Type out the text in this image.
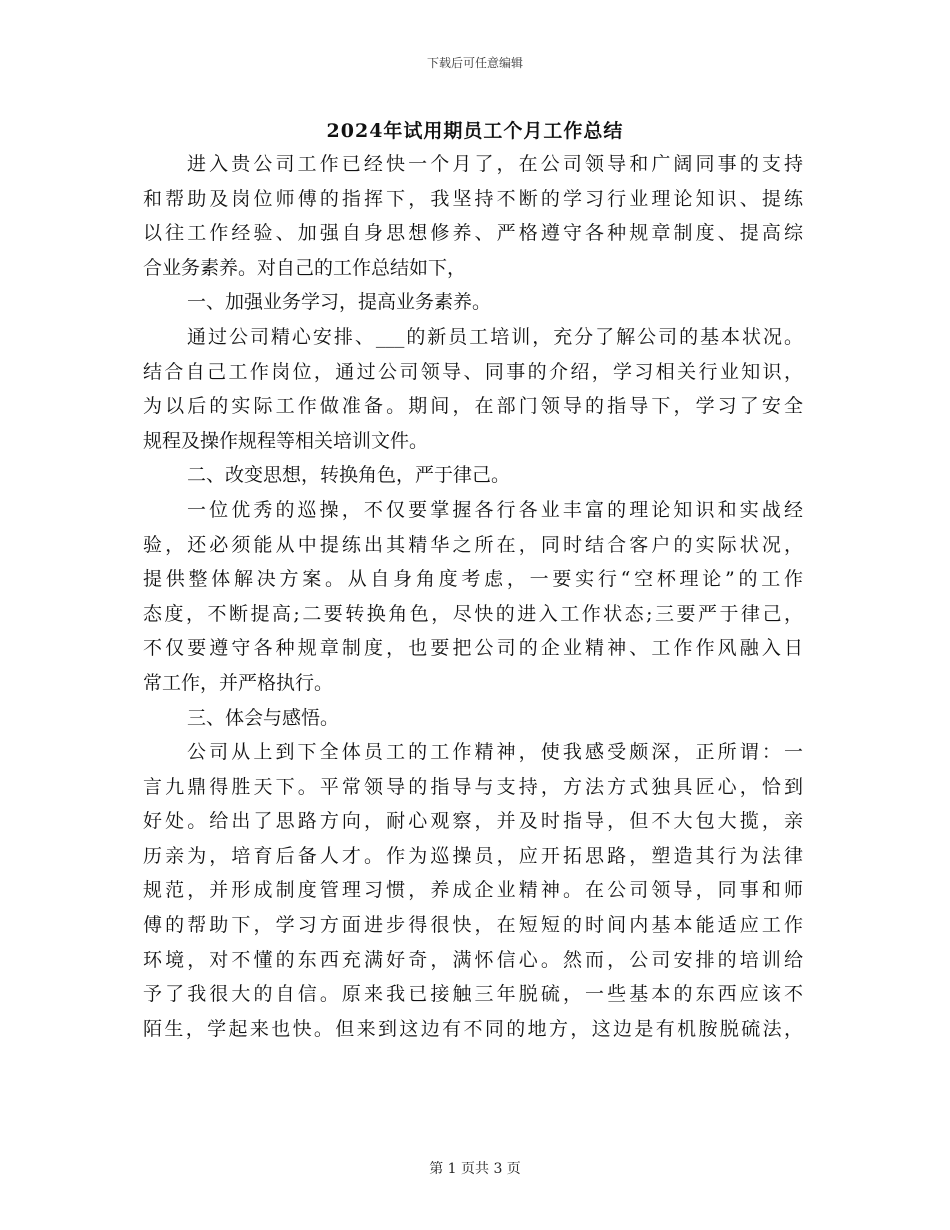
下载后可任意编辑
2024年试用期员工个月工作总结
进入贵公司工作已经快一个月了，在公司领导和广阔同事的支持
和帮助及岗位师傅的指挥下，我坚持不断的学习行业理论知识、提练
以往工作经验、加强自身思想修养、严格遵守各种规章制度、提高综
合业务素养。对自己的工作总结如下，
一、加强业务学习，提高业务素养。
通过公司精心安排、___的新员工培训，充分了解公司的基本状况。
结合自己工作岗位，通过公司领导、同事的介绍，学习相关行业知识，
为以后的实际工作做准备。期间，在部门领导的指导下，学习了安全
规程及操作规程等相关培训文件。
二、改变思想，转换角色，严于律己。
一位优秀的巡操，不仅要掌握各行各业丰富的理论知识和实战经
验，还必须能从中提练出其精华之所在，同时结合客户的实际状况，
提供整体解决方案。从自身角度考虑，一要实行“空杯理论”的工作
态度，不断提高;二要转换角色，尽快的进入工作状态;三要严于律己，
不仅要遵守各种规章制度，也要把公司的企业精神、工作作风融入日
常工作，并严格执行。
三、体会与感悟。
公司从上到下全体员工的工作精神，使我感受颇深，正所谓：一
言九鼎得胜天下。平常领导的指导与支持，方法方式独具匠心，恰到
好处。给出了思路方向，耐心观察，并及时指导，但不大包大揽，亲
历亲为，培育后备人才。作为巡操员，应开拓思路，塑造其行为法律
规范，并形成制度管理习惯，养成企业精神。在公司领导，同事和师
傅的帮助下，学习方面进步得很快，在短短的时间内基本能适应工作
环境，对不懂的东西充满好奇，满怀信心。然而，公司安排的培训给
予了我很大的自信。原来我已接触三年脱硫，一些基本的东西应该不
陌生，学起来也快。但来到这边有不同的地方，这边是有机胺脱硫法，
第 1 页共 3 页
